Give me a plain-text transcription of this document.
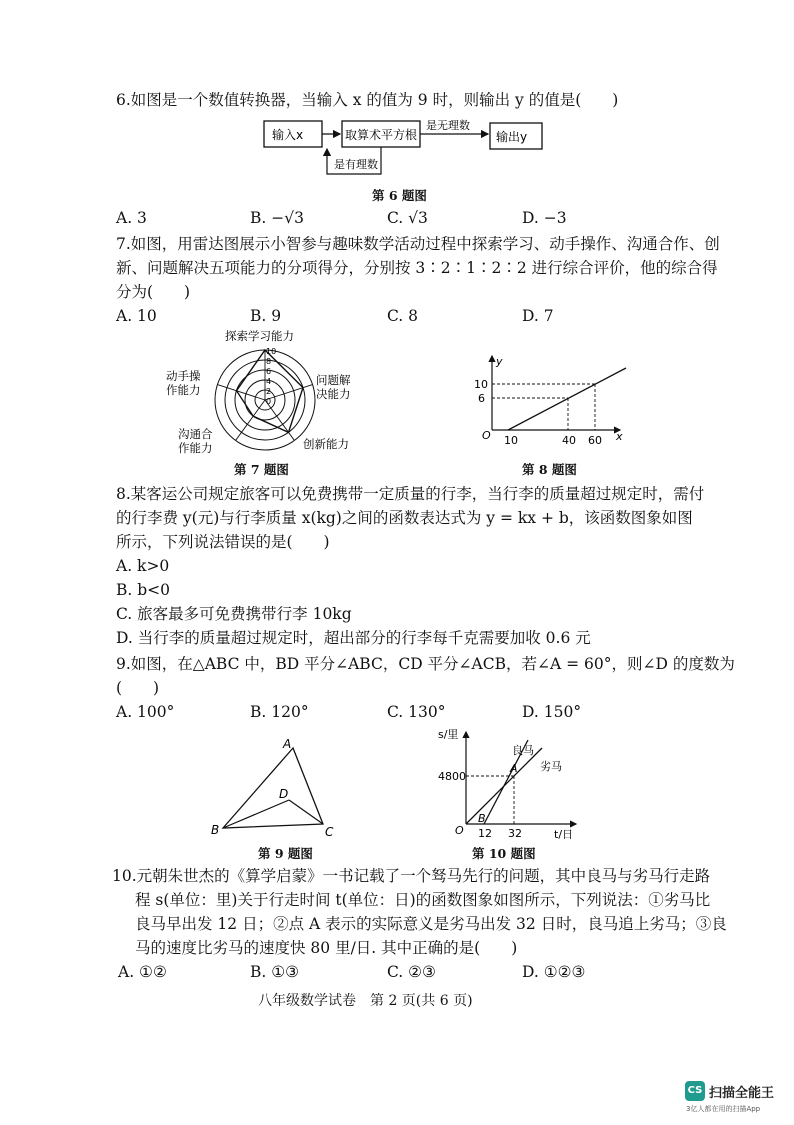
6.如图是一个数值转换器，当输入 x 的值为 9 时，则输出 y 的值是(　　)
输入x	取算术平方根	输出y
是无理数
是有理数
第 6 题图
A. 3	B. −√3	C. √3	D. −3
7.如图，用雷达图展示小智参与趣味数学活动过程中探索学习、动手操作、沟通合作、创
新、问题解决五项能力的分项得分，分别按 3∶2∶1∶2∶2 进行综合评价，他的综合得
分为(　　)
A. 10	B. 9	C. 8	D. 7
10
8
6
4
2
0
探索学习能力
问题解
决能力
创新能力
沟通合
作能力
动手操
作能力
第 7 题图
y
x
O
10
6
10	40 60
第 8 题图
8.某客运公司规定旅客可以免费携带一定质量的行李，当行李的质量超过规定时，需付
的行李费 y(元)与行李质量 x(kg)之间的函数表达式为 y = kx + b，该函数图象如图
所示，下列说法错误的是(　　)
A. k>0
B. b<0
C. 旅客最多可免费携带行李 10kg
D. 当行李的质量超过规定时，超出部分的行李每千克需要加收 0.6 元
9.如图，在△ABC 中，BD 平分∠ABC，CD 平分∠ACB，若∠A = 60°，则∠D 的度数为
(　　)
A. 100°	B. 120°	C. 130°	D. 150°
A
B	C
D
第 9 题图
s/里
t/日
O
4800
12 32
A
B
良马
劣马
第 10 题图
10.元朝朱世杰的《算学启蒙》一书记载了一个驽马先行的问题，其中良马与劣马行走路
程 s(单位：里)关于行走时间 t(单位：日)的函数图象如图所示，下列说法：①劣马比
良马早出发 12 日；②点 A 表示的实际意义是劣马出发 32 日时，良马追上劣马；③良
马的速度比劣马的速度快 80 里/日. 其中正确的是(　　)
A. ①②	B. ①③	C. ②③	D. ①②③
八年级数学试卷　第 2 页(共 6 页)
CS 扫描全能王
3亿人都在用的扫描App
